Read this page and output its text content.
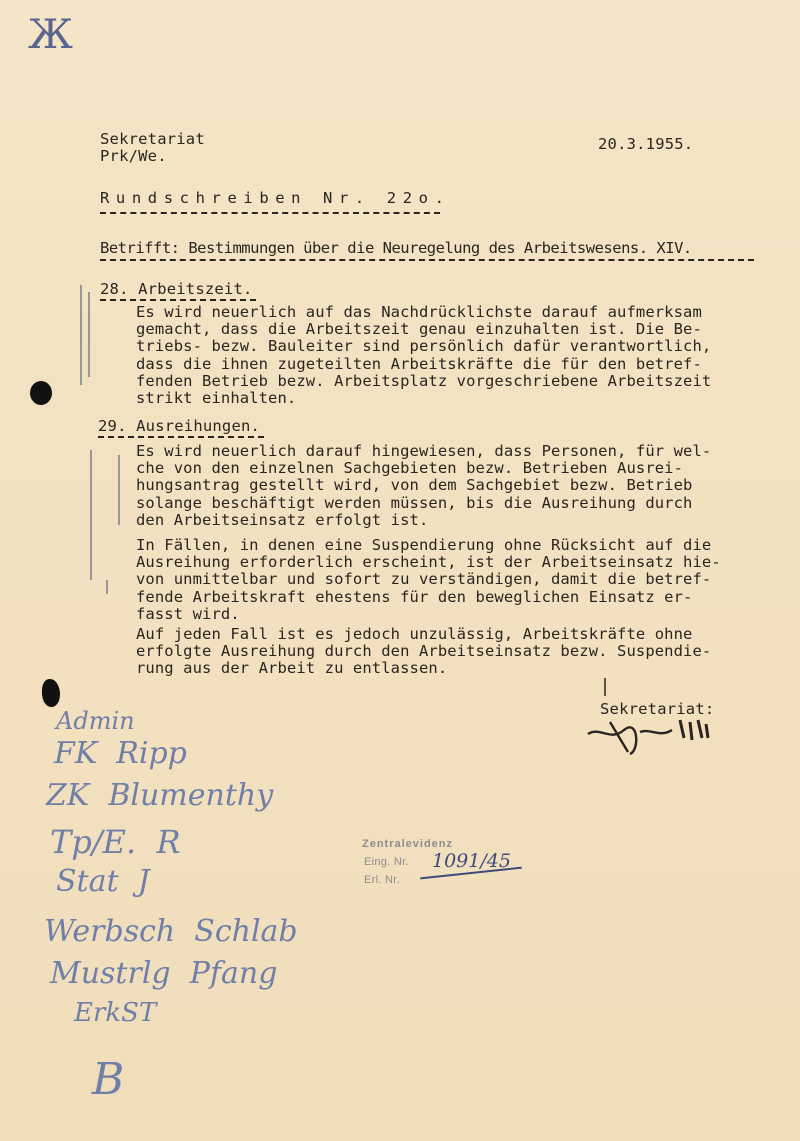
Ж
Sekretariat
Prk/We.
20.3.1955.
Rundschreiben Nr. 22o.
Betrifft: Bestimmungen über die Neuregelung des Arbeitswesens. XIV.
28. Arbeitszeit.
Es wird neuerlich auf das Nachdrücklichste darauf aufmerksam
gemacht, dass die Arbeitszeit genau einzuhalten ist. Die Be-
triebs- bezw. Bauleiter sind persönlich dafür verantwortlich,
dass die ihnen zugeteilten Arbeitskräfte die für den betref-
fenden Betrieb bezw. Arbeitsplatz vorgeschriebene Arbeitszeit
strikt einhalten.
29. Ausreihungen.
Es wird neuerlich darauf hingewiesen, dass Personen, für wel-
che von den einzelnen Sachgebieten bezw. Betrieben Ausrei-
hungsantrag gestellt wird, von dem Sachgebiet bezw. Betrieb
solange beschäftigt werden müssen, bis die Ausreihung durch
den Arbeitseinsatz erfolgt ist.
In Fällen, in denen eine Suspendierung ohne Rücksicht auf die
Ausreihung erforderlich erscheint, ist der Arbeitseinsatz hie-
von unmittelbar und sofort zu verständigen, damit die betref-
fende Arbeitskraft ehestens für den beweglichen Einsatz er-
fasst wird.
Auf jeden Fall ist es jedoch unzulässig, Arbeitskräfte ohne
erfolgte Ausreihung durch den Arbeitseinsatz bezw. Suspendie-
rung aus der Arbeit zu entlassen.
Sekretariat:
Zentralevidenz
Eing. Nr. 1091/45
Erl. Nr.
Admin
FK  Ripp
ZK  Blumenthy
Tp/E.  R
Stat  J
Werbsch  Schlab
Mustrlg  Pfang
ErkST
B
